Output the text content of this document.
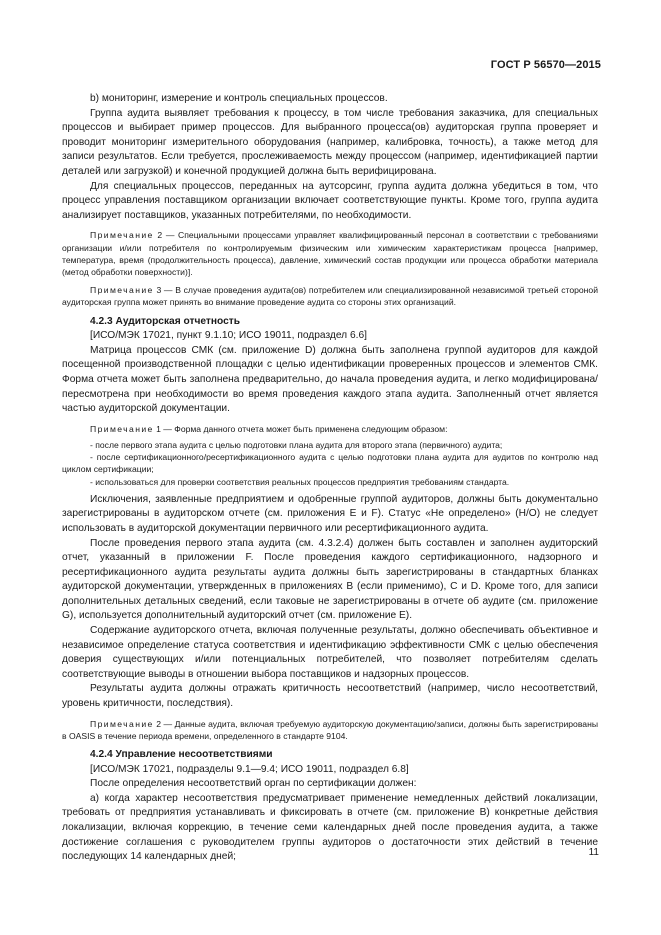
ГОСТ Р 56570—2015

b) мониторинг, измерение и контроль специальных процессов.

Группа аудита выявляет требования к процессу, в том числе требования заказчика, для специальных процессов и выбирает пример процессов. Для выбранного процесса(ов) аудиторская группа проверяет и проводит мониторинг измерительного оборудования (например, калибровка, точность), а также метод для записи результатов. Если требуется, прослеживаемость между процессом (например, идентификацией партии деталей или загрузкой) и конечной продукцией должна быть верифицирована.

Для специальных процессов, переданных на аутсорсинг, группа аудита должна убедиться в том, что процесс управления поставщиком организации включает соответствующие пункты. Кроме того, группа аудита анализирует поставщиков, указанных потребителями, по необходимости.

Примечание 2 — Специальными процессами управляет квалифицированный персонал в соответствии с требованиями организации и/или потребителя по контролируемым физическим или химическим характеристикам процесса [например, температура, время (продолжительность процесса), давление, химический состав продукции или процесса обработки материала (метод обработки поверхности)].

Примечание 3 — В случае проведения аудита(ов) потребителем или специализированной независимой третьей стороной аудиторская группа может принять во внимание проведение аудита со стороны этих организаций.

4.2.3 Аудиторская отчетность

[ИСО/МЭК 17021, пункт 9.1.10; ИСО 19011, подраздел 6.6]

Матрица процессов СМК (см. приложение D) должна быть заполнена группой аудиторов для каждой посещенной производственной площадки с целью идентификации проверенных процессов и элементов СМК. Форма отчета может быть заполнена предварительно, до начала проведения аудита, и легко модифицирована/пересмотрена при необходимости во время проведения каждого этапа аудита. Заполненный отчет является частью аудиторской документации.

Примечание 1 — Форма данного отчета может быть применена следующим образом:

- после первого этапа аудита с целью подготовки плана аудита для второго этапа (первичного) аудита;

- после сертификационного/ресертификационного аудита с целью подготовки плана аудита для аудитов по контролю над циклом сертификации;

- использоваться для проверки соответствия реальных процессов предприятия требованиям стандарта.

Исключения, заявленные предприятием и одобренные группой аудиторов, должны быть документально зарегистрированы в аудиторском отчете (см. приложения E и F). Статус «Не определено» (Н/О) не следует использовать в аудиторской документации первичного или ресертификационного аудита.

После проведения первого этапа аудита (см. 4.3.2.4) должен быть составлен и заполнен аудиторский отчет, указанный в приложении F. После проведения каждого сертификационного, надзорного и ресертификационного аудита результаты аудита должны быть зарегистрированы в стандартных бланках аудиторской документации, утвержденных в приложениях B (если применимо), C и D. Кроме того, для записи дополнительных детальных сведений, если таковые не зарегистрированы в отчете об аудите (см. приложение G), используется дополнительный аудиторский отчет (см. приложение E).

Содержание аудиторского отчета, включая полученные результаты, должно обеспечивать объективное и независимое определение статуса соответствия и идентификацию эффективности СМК с целью обеспечения доверия существующих и/или потенциальных потребителей, что позволяет потребителям сделать соответствующие выводы в отношении выбора поставщиков и надзорных процессов.

Результаты аудита должны отражать критичность несоответствий (например, число несоответствий, уровень критичности, последствия).

Примечание 2 — Данные аудита, включая требуемую аудиторскую документацию/записи, должны быть зарегистрированы в OASIS в течение периода времени, определенного в стандарте 9104.

4.2.4 Управление несоответствиями

[ИСО/МЭК 17021, подразделы 9.1—9.4; ИСО 19011, подраздел 6.8]

После определения несоответствий орган по сертификации должен:

а) когда характер несоответствия предусматривает применение немедленных действий локализации, требовать от предприятия устанавливать и фиксировать в отчете (см. приложение B) конкретные действия локализации, включая коррекцию, в течение семи календарных дней после проведения аудита, а также достижение соглашения с руководителем группы аудиторов о достаточности этих действий в течение последующих 14 календарных дней;	11
